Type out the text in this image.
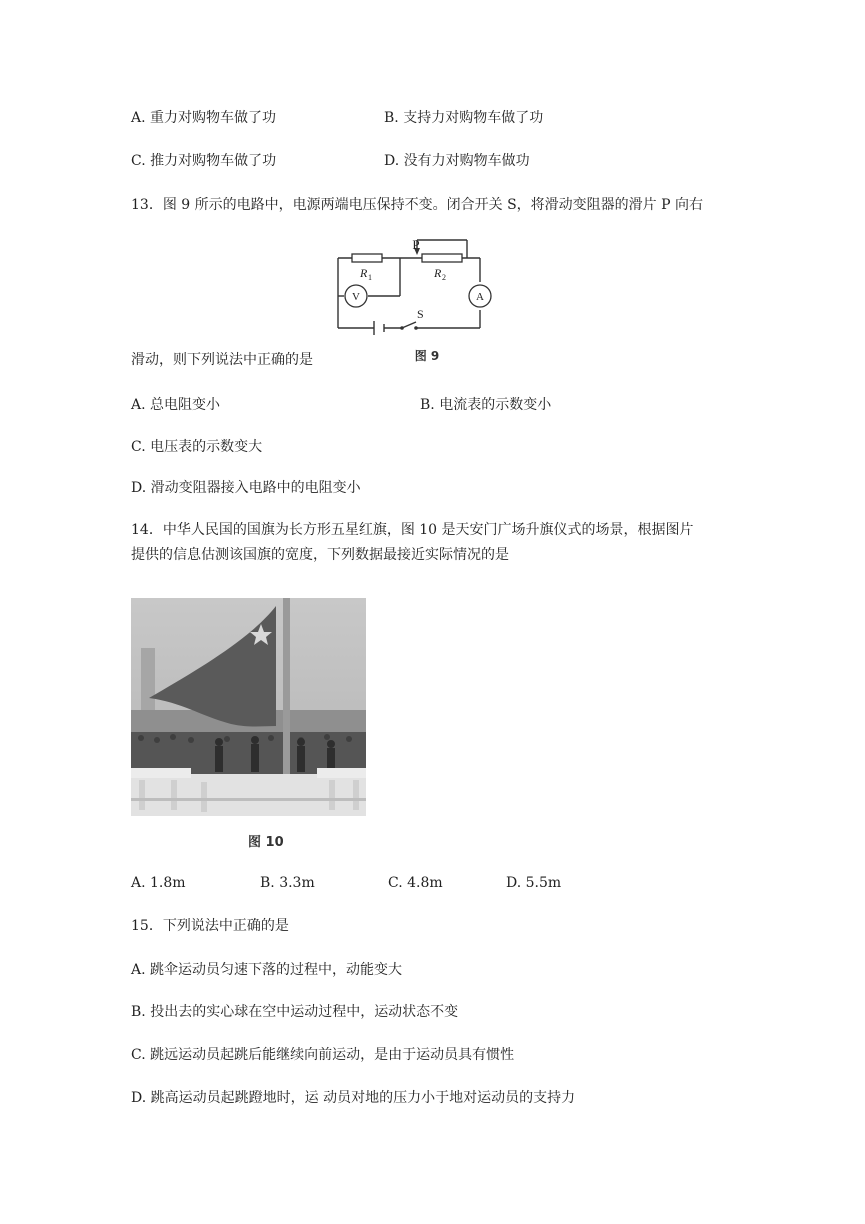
A. 重力对购物车做了功	B. 支持力对购物车做了功
C. 推力对购物车做了功	D. 没有力对购物车做功
13．图 9 所示的电路中，电源两端电压保持不变。闭合开关 S，将滑动变阻器的滑片 P 向右
P
R 1	R 2
V	A
S
图 9
滑动，则下列说法中正确的是
A. 总电阻变小	B. 电流表的示数变小
C. 电压表的示数变大
D. 滑动变阻器接入电路中的电阻变小
14．中华人民国的国旗为长方形五星红旗，图 10 是天安门广场升旗仪式的场景，根据图片
提供的信息估测该国旗的宽度，下列数据最接近实际情况的是
图 10
A. 1.8m	B. 3.3m	C. 4.8m	D. 5.5m
15．下列说法中正确的是
A. 跳伞运动员匀速下落的过程中，动能变大
B. 投出去的实心球在空中运动过程中，运动状态不变
C. 跳远运动员起跳后能继续向前运动，是由于运动员具有惯性
D. 跳高运动员起跳蹬地时，运 动员对地的压力小于地对运动员的支持力
